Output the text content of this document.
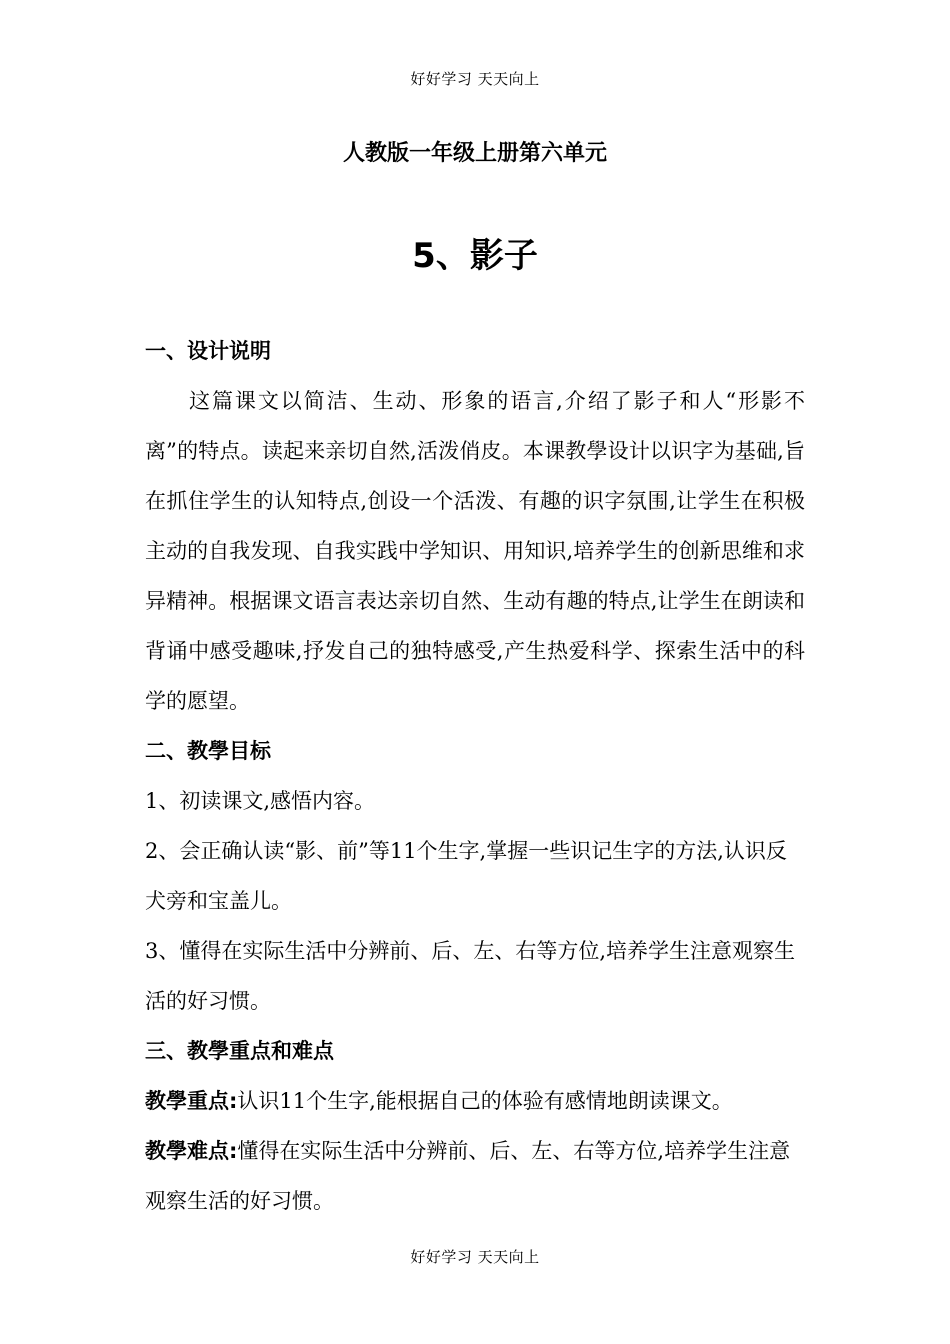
好好学习 天天向上
人教版一年级上册第六单元
5、影子

一、设计说明

这篇课文以简洁、生动、形象的语言,介绍了影子和人“形影不离”的特点。读起来亲切自然,活泼俏皮。本课教學设计以识字为基础,旨在抓住学生的认知特点,创设一个活泼、有趣的识字氛围,让学生在积极主动的自我发现、自我实践中学知识、用知识,培养学生的创新思维和求异精神。根据课文语言表达亲切自然、生动有趣的特点,让学生在朗读和背诵中感受趣味,抒发自己的独特感受,产生热爱科学、探索生活中的科学的愿望。

二、教學目标

1、初读课文,感悟内容。

2、会正确认读“影、前”等11个生字,掌握一些识记生字的方法,认识反犬旁和宝盖儿。

3、懂得在实际生活中分辨前、后、左、右等方位,培养学生注意观察生活的好习惯。

三、教學重点和难点

教學重点:认识11个生字,能根据自己的体验有感情地朗读课文。

教學难点:懂得在实际生活中分辨前、后、左、右等方位,培养学生注意观察生活的好习惯。

好好学习 天天向上
